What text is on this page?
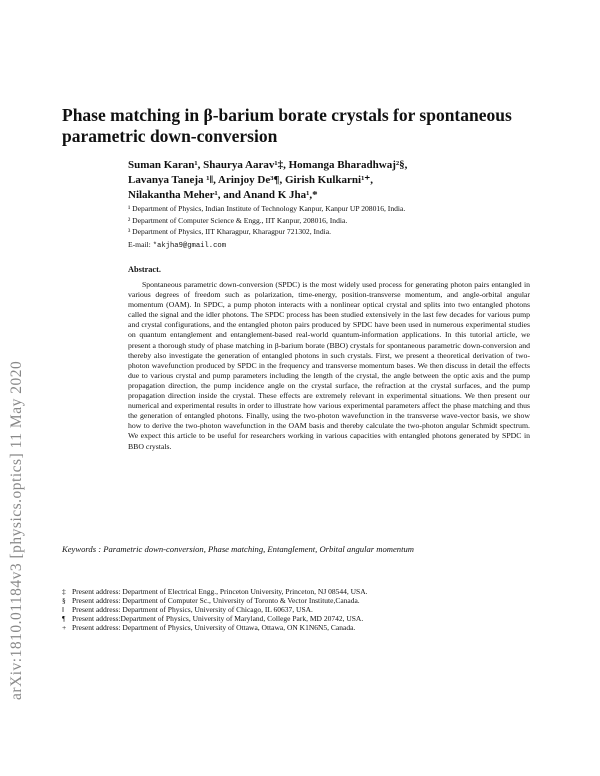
arXiv:1810.01184v3 [physics.optics] 11 May 2020
Phase matching in β-barium borate crystals for spontaneous parametric down-conversion
Suman Karan¹, Shaurya Aarav¹‡, Homanga Bharadhwaj²§,
Lavanya Taneja ¹‖, Arinjoy De³¶, Girish Kulkarni¹⁺,
Nilakantha Meher¹, and Anand K Jha¹,*
¹ Department of Physics, Indian Institute of Technology Kanpur, Kanpur UP 208016, India.
² Department of Computer Science & Engg., IIT Kanpur, 208016, India.
³ Department of Physics, IIT Kharagpur, Kharagpur 721302, India.
E-mail: *akjha9@gmail.com
Abstract.

Spontaneous parametric down-conversion (SPDC) is the most widely used process for generating photon pairs entangled in various degrees of freedom such as polarization, time-energy, position-transverse momentum, and angle-orbital angular momentum (OAM). In SPDC, a pump photon interacts with a nonlinear optical crystal and splits into two entangled photons called the signal and the idler photons. The SPDC process has been studied extensively in the last few decades for various pump and crystal configurations, and the entangled photon pairs produced by SPDC have been used in numerous experimental studies on quantum entanglement and entanglement-based real-world quantum-information applications. In this tutorial article, we present a thorough study of phase matching in β-barium borate (BBO) crystals for spontaneous parametric down-conversion and thereby also investigate the generation of entangled photons in such crystals. First, we present a theoretical derivation of two-photon wavefunction produced by SPDC in the frequency and transverse momentum bases. We then discuss in detail the effects due to various crystal and pump parameters including the length of the crystal, the angle between the optic axis and the pump propagation direction, the pump incidence angle on the crystal surface, the refraction at the crystal surfaces, and the pump propagation direction inside the crystal. These effects are extremely relevant in experimental situations. We then present our numerical and experimental results in order to illustrate how various experimental parameters affect the phase matching and thus the generation of entangled photons. Finally, using the two-photon wavefunction in the transverse wave-vector basis, we show how to derive the two-photon wavefunction in the OAM basis and thereby calculate the two-photon angular Schmidt spectrum. We expect this article to be useful for researchers working in various capacities with entangled photons generated by SPDC in BBO crystals.

Keywords : Parametric down-conversion, Phase matching, Entanglement, Orbital angular momentum
‡ Present address: Department of Electrical Engg., Princeton University, Princeton, NJ 08544, USA.
§ Present address: Department of Computer Sc., University of Toronto & Vector Institute,Canada.
‖ Present address: Department of Physics, University of Chicago, IL 60637, USA.
¶ Present address:Department of Physics, University of Maryland, College Park, MD 20742, USA.
+ Present address: Department of Physics, University of Ottawa, Ottawa, ON K1N6N5, Canada.
